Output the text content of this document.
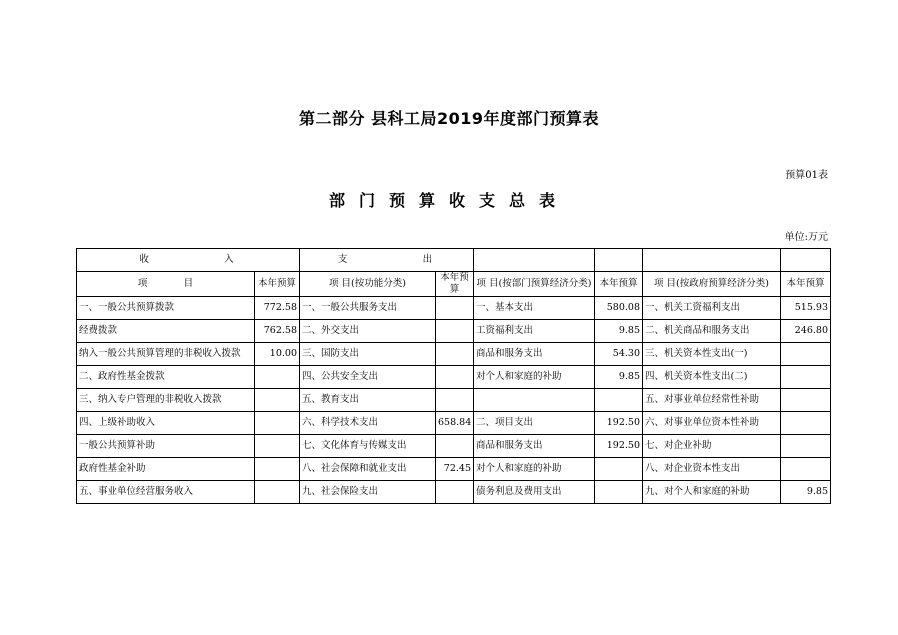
第二部分 县科工局2019年度部门预算表
预算01表
部门预算收支总表
单位:万元
收            入		支            出					
项            目	本年预算	项 目(按功能分类)	本年预算	项 目(按部门预算经济分类)	本年预算	项 目(按政府预算经济分类)	本年预算
一、一般公共预算拨款	772.58	一、一般公共服务支出		一、基本支出	580.08	一、机关工资福利支出	515.93
经费拨款	762.58	二、外交支出		工资福利支出	9.85	二、机关商品和服务支出	246.80
纳入一般公共预算管理的非税收入拨款	10.00	三、国防支出		商品和服务支出	54.30	三、机关资本性支出(一)	
二、政府性基金拨款		四、公共安全支出		对个人和家庭的补助	9.85	四、机关资本性支出(二)	
三、纳入专户管理的非税收入拨款		五、教育支出				五、对事业单位经常性补助	
四、上级补助收入		六、科学技术支出	658.84	二、项目支出	192.50	六、对事业单位资本性补助	
一般公共预算补助		七、文化体育与传媒支出		商品和服务支出	192.50	七、对企业补助	
政府性基金补助		八、社会保障和就业支出	72.45	对个人和家庭的补助		八、对企业资本性支出	
五、事业单位经营服务收入		九、社会保险支出		债务利息及费用支出		九、对个人和家庭的补助	9.85
